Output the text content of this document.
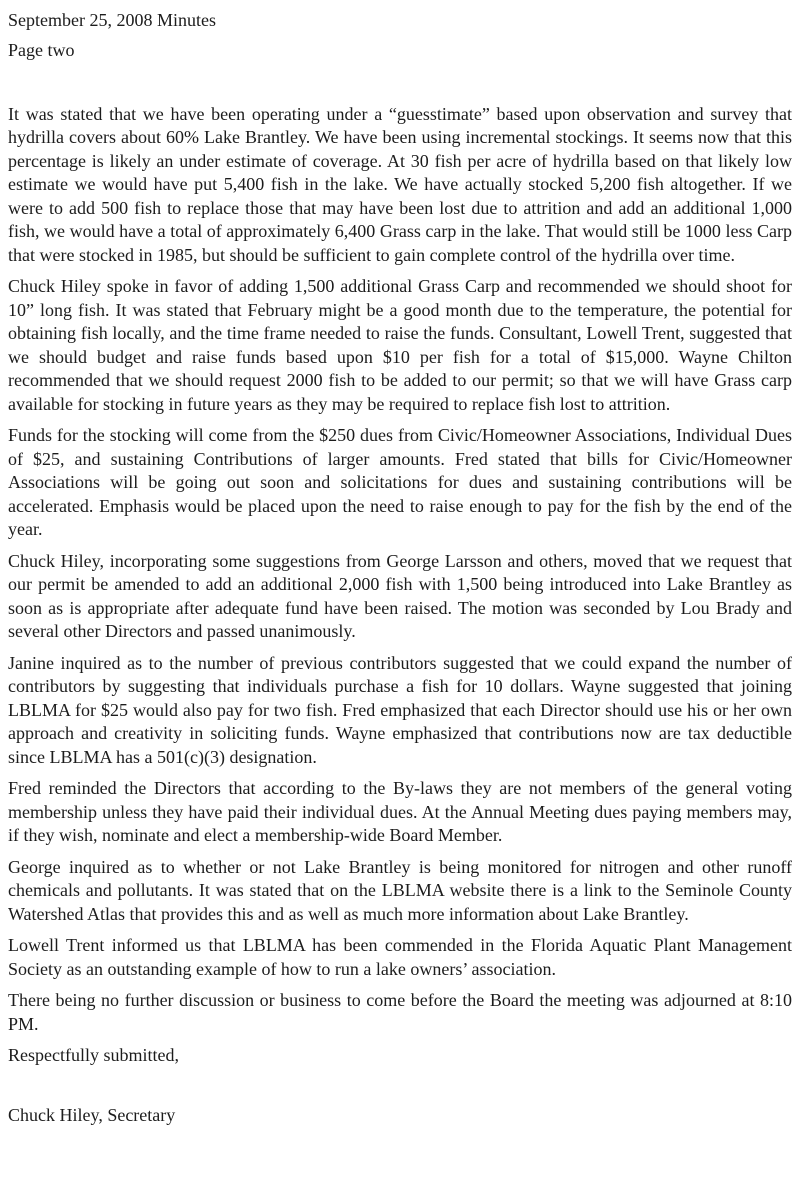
September 25, 2008 Minutes

Page two

It was stated that we have been operating under a “guesstimate” based upon observation and survey that hydrilla covers about 60% Lake Brantley. We have been using incremental stockings. It seems now that this percentage is likely an under estimate of coverage. At 30 fish per acre of hydrilla based on that likely low estimate we would have put 5,400 fish in the lake. We have actually stocked 5,200 fish altogether. If we were to add 500 fish to replace those that may have been lost due to attrition and add an additional 1,000 fish, we would have a total of approximately 6,400 Grass carp in the lake. That would still be 1000 less Carp that were stocked in 1985, but should be sufficient to gain complete control of the hydrilla over time.

Chuck Hiley spoke in favor of adding 1,500 additional Grass Carp and recommended we should shoot for 10” long fish. It was stated that February might be a good month due to the temperature, the potential for obtaining fish locally, and the time frame needed to raise the funds. Consultant, Lowell Trent, suggested that we should budget and raise funds based upon $10 per fish for a total of $15,000. Wayne Chilton recommended that we should request 2000 fish to be added to our permit; so that we will have Grass carp available for stocking in future years as they may be required to replace fish lost to attrition.

Funds for the stocking will come from the $250 dues from Civic/Homeowner Associations, Individual Dues of $25, and sustaining Contributions of larger amounts. Fred stated that bills for Civic/Homeowner Associations will be going out soon and solicitations for dues and sustaining contributions will be accelerated. Emphasis would be placed upon the need to raise enough to pay for the fish by the end of the year.

Chuck Hiley, incorporating some suggestions from George Larsson and others, moved that we request that our permit be amended to add an additional 2,000 fish with 1,500 being introduced into Lake Brantley as soon as is appropriate after adequate fund have been raised. The motion was seconded by Lou Brady and several other Directors and passed unanimously.

Janine inquired as to the number of previous contributors suggested that we could expand the number of contributors by suggesting that individuals purchase a fish for 10 dollars. Wayne suggested that joining LBLMA for $25 would also pay for two fish. Fred emphasized that each Director should use his or her own approach and creativity in soliciting funds. Wayne emphasized that contributions now are tax deductible since LBLMA has a 501(c)(3) designation.

Fred reminded the Directors that according to the By-laws they are not members of the general voting membership unless they have paid their individual dues. At the Annual Meeting dues paying members may, if they wish, nominate and elect a membership-wide Board Member.

George inquired as to whether or not Lake Brantley is being monitored for nitrogen and other runoff chemicals and pollutants. It was stated that on the LBLMA website there is a link to the Seminole County Watershed Atlas that provides this and as well as much more information about Lake Brantley.

Lowell Trent informed us that LBLMA has been commended in the Florida Aquatic Plant Management Society as an outstanding example of how to run a lake owners’ association.

There being no further discussion or business to come before the Board the meeting was adjourned at 8:10 PM.

Respectfully submitted,

Chuck Hiley, Secretary
